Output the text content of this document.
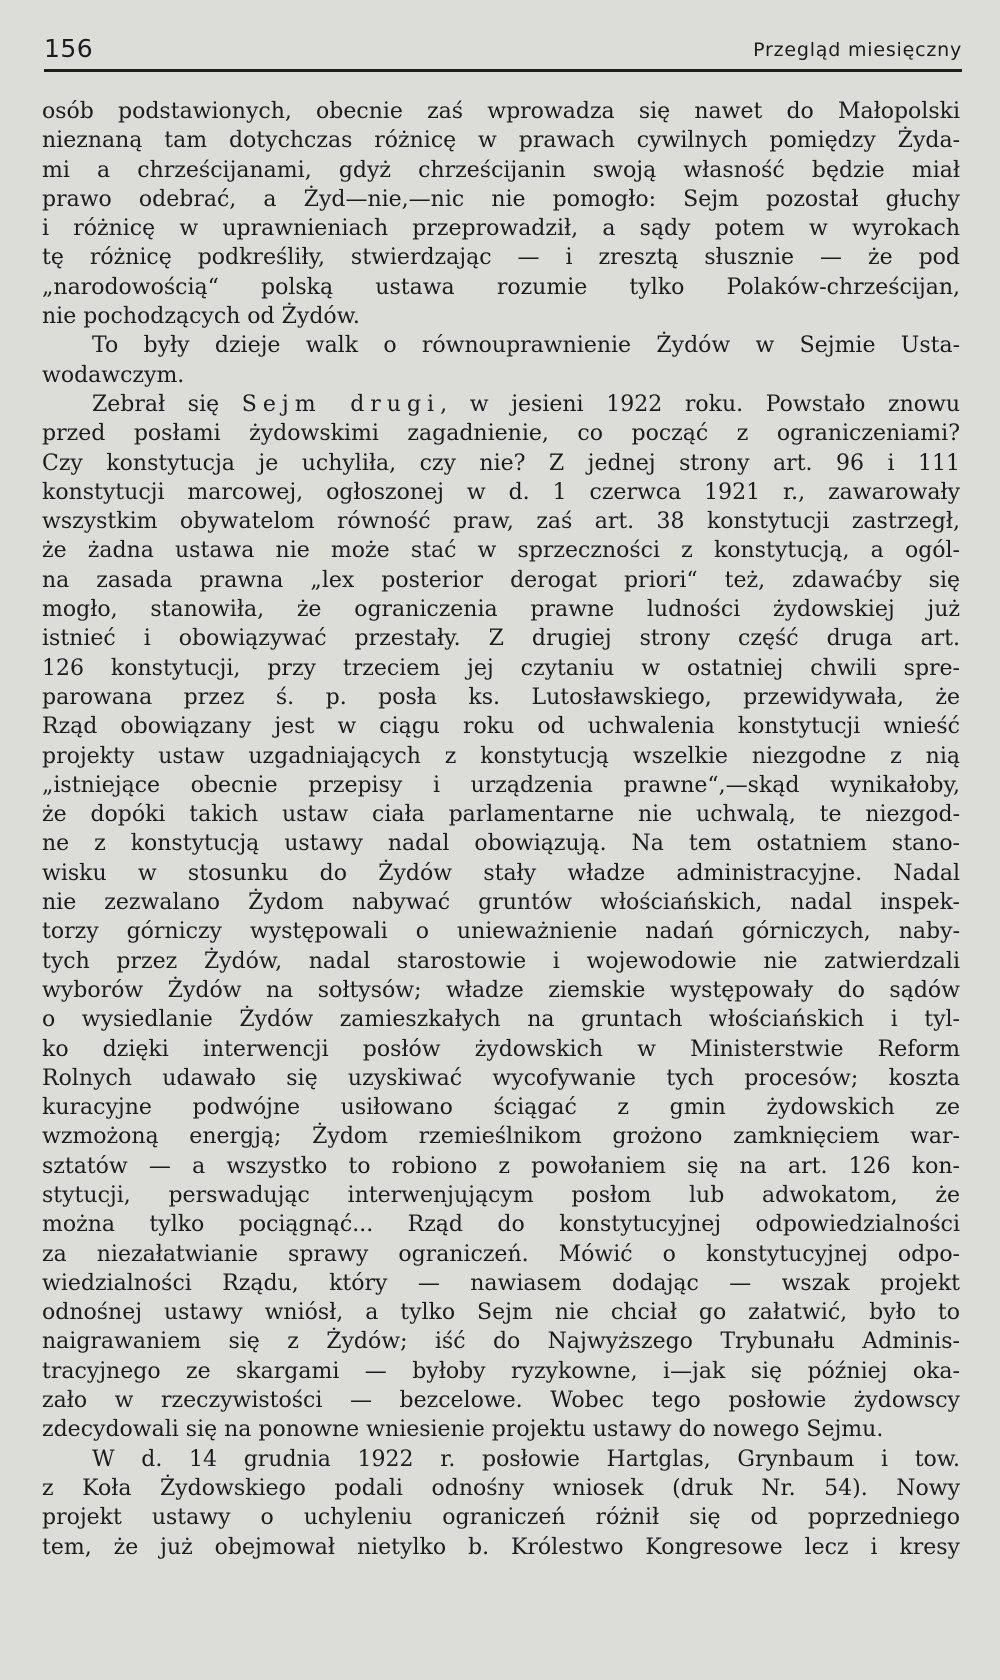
156	Przegląd miesięczny
osób podstawionych, obecnie zaś wprowadza się nawet do Małopolski
nieznaną tam dotychczas różnicę w prawach cywilnych pomiędzy Żyda-
mi a chrześcijanami, gdyż chrześcijanin swoją własność będzie miał
prawo odebrać, a Żyd—nie,—nic nie pomogło: Sejm pozostał głuchy
i różnicę w uprawnieniach przeprowadził, a sądy potem w wyrokach
tę różnicę podkreśliły, stwierdzając — i zresztą słusznie — że pod
„narodowością“ polską ustawa rozumie tylko Polaków-chrześcijan,
nie pochodzących od Żydów.
To były dzieje walk o równouprawnienie Żydów w Sejmie Usta-
wodawczym.
Zebrał się Sejm drugi, w jesieni 1922 roku. Powstało znowu
przed posłami żydowskimi zagadnienie, co począć z ograniczeniami?
Czy konstytucja je uchyliła, czy nie? Z jednej strony art. 96 i 111
konstytucji marcowej, ogłoszonej w d. 1 czerwca 1921 r., zawarowały
wszystkim obywatelom równość praw, zaś art. 38 konstytucji zastrzegł,
że żadna ustawa nie może stać w sprzeczności z konstytucją, a ogól-
na zasada prawna „lex posterior derogat priori“ też, zdawaćby się
mogło, stanowiła, że ograniczenia prawne ludności żydowskiej już
istnieć i obowiązywać przestały. Z drugiej strony część druga art.
126 konstytucji, przy trzeciem jej czytaniu w ostatniej chwili spre-
parowana przez ś. p. posła ks. Lutosławskiego, przewidywała, że
Rząd obowiązany jest w ciągu roku od uchwalenia konstytucji wnieść
projekty ustaw uzgadniających z konstytucją wszelkie niezgodne z nią
„istniejące obecnie przepisy i urządzenia prawne“,—skąd wynikałoby,
że dopóki takich ustaw ciała parlamentarne nie uchwalą, te niezgod-
ne z konstytucją ustawy nadal obowiązują. Na tem ostatniem stano-
wisku w stosunku do Żydów stały władze administracyjne. Nadal
nie zezwalano Żydom nabywać gruntów włościańskich, nadal inspek-
torzy górniczy występowali o unieważnienie nadań górniczych, naby-
tych przez Żydów, nadal starostowie i wojewodowie nie zatwierdzali
wyborów Żydów na sołtysów; władze ziemskie występowały do sądów
o wysiedlanie Żydów zamieszkałych na gruntach włościańskich i tyl-
ko dzięki interwencji posłów żydowskich w Ministerstwie Reform
Rolnych udawało się uzyskiwać wycofywanie tych procesów; koszta
kuracyjne podwójne usiłowano ściągać z gmin żydowskich ze
wzmożoną energją; Żydom rzemieślnikom grożono zamknięciem war-
sztatów — a wszystko to robiono z powołaniem się na art. 126 kon-
stytucji, perswadując interwenjującym posłom lub adwokatom, że
można tylko pociągnąć... Rząd do konstytucyjnej odpowiedzialności
za niezałatwianie sprawy ograniczeń. Mówić o konstytucyjnej odpo-
wiedzialności Rządu, który — nawiasem dodając — wszak projekt
odnośnej ustawy wniósł, a tylko Sejm nie chciał go załatwić, było to
naigrawaniem się z Żydów; iść do Najwyższego Trybunału Adminis-
tracyjnego ze skargami — byłoby ryzykowne, i—jak się później oka-
zało w rzeczywistości — bezcelowe. Wobec tego posłowie żydowscy
zdecydowali się na ponowne wniesienie projektu ustawy do nowego Sejmu.
W d. 14 grudnia 1922 r. posłowie Hartglas, Grynbaum i tow.
z Koła Żydowskiego podali odnośny wniosek (druk Nr. 54). Nowy
projekt ustawy o uchyleniu ograniczeń różnił się od poprzedniego
tem, że już obejmował nietylko b. Królestwo Kongresowe lecz i kresy
